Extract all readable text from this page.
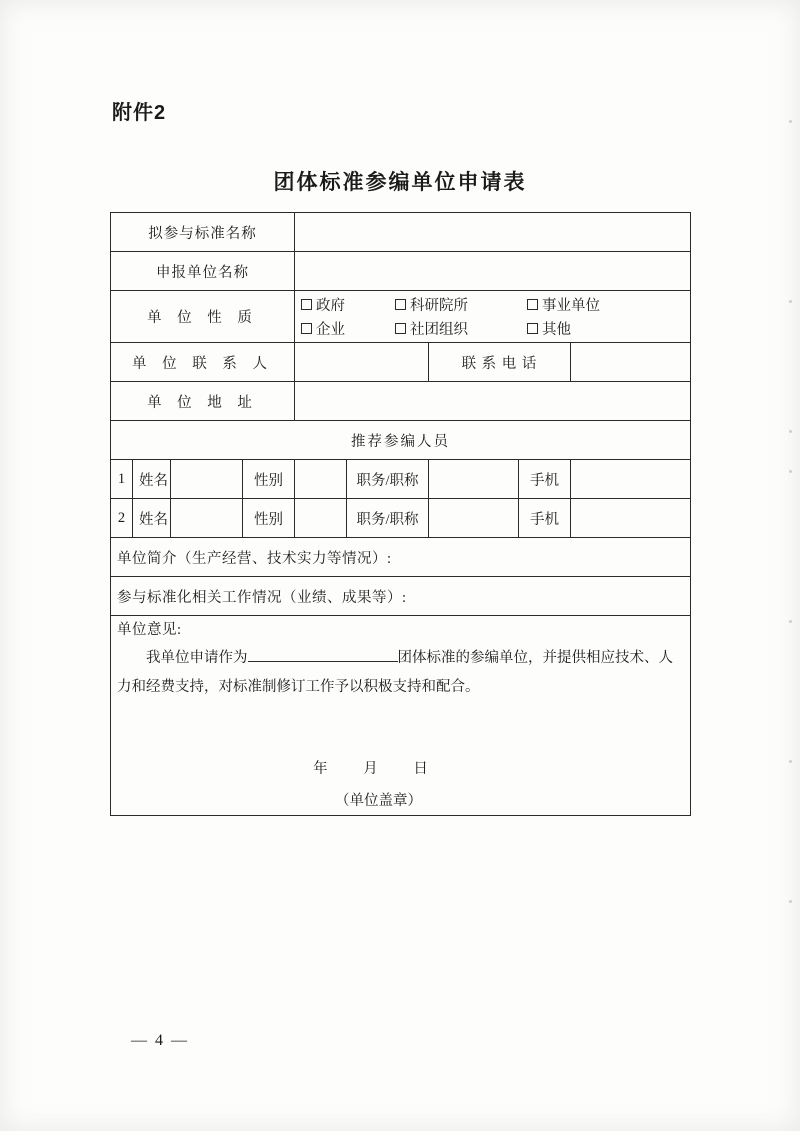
附件2
团体标准参编单位申请表
拟参与标准名称								
申报单位名称								
单 位 性 质	
政府	科研院所	事业单位
企业	社团组织	其他

单 位 联 系 人						联 系 电 话		
单 位 地 址								
推荐参编人员								
1	姓名		性别		职务/职称		手机	
2	姓名		性别		职务/职称		手机	

单位简介（生产经营、技术实力等情况）:								

参与标准化相关工作情况（业绩、成果等）:								

单位意见:
我单位申请作为 团体标准的参编单位，并提供相应技术、人力和经费支持，对标准制修订工作予以积极支持和配合。
年 月 日
（单位盖章）								
— 4 —
